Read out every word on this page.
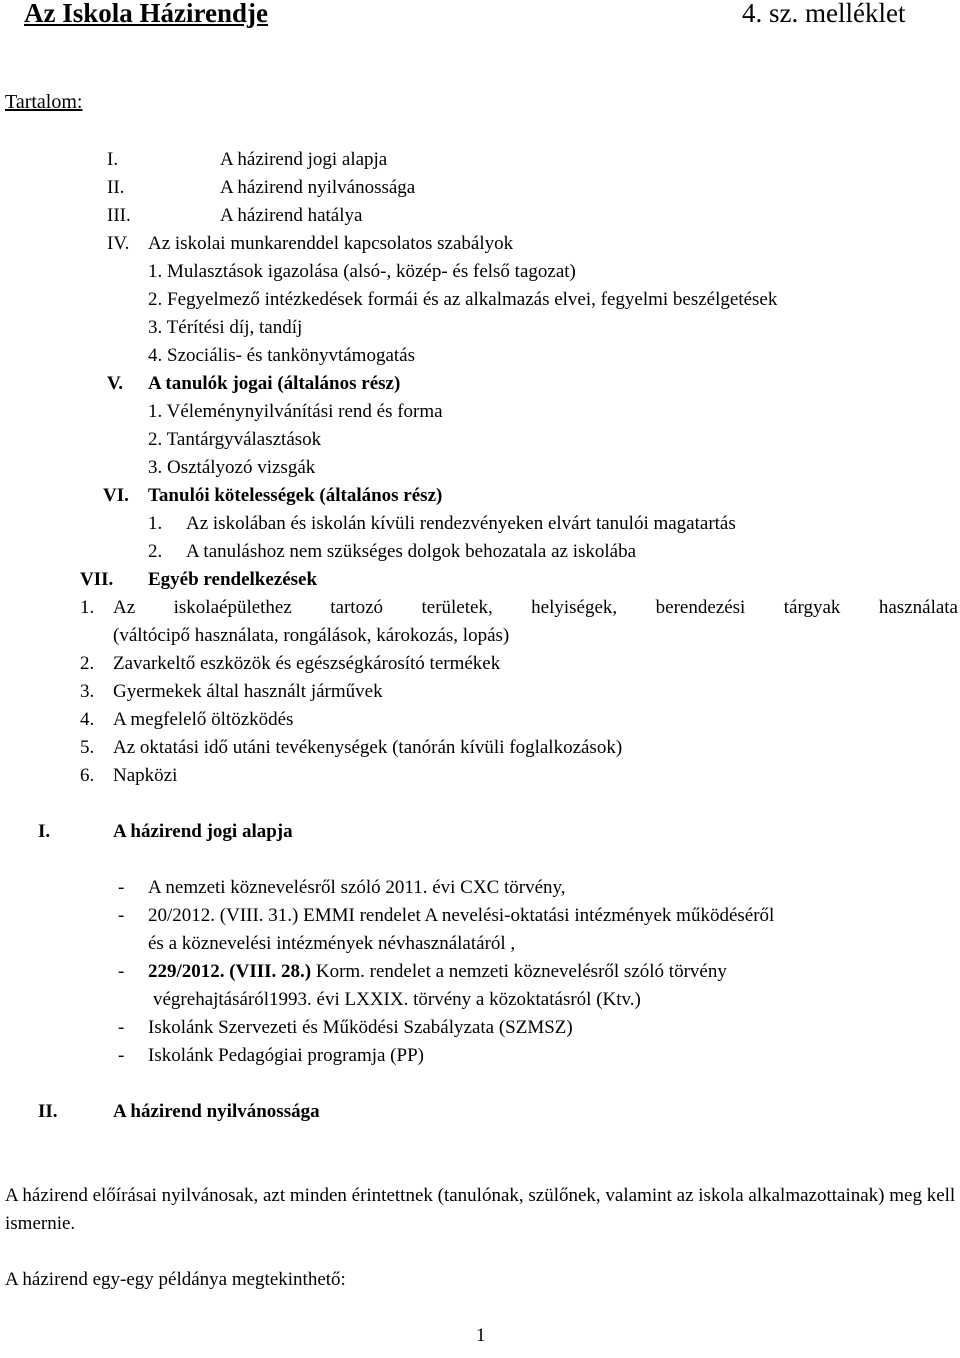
Az Iskola Házirendje	4. sz. melléklet
Tartalom:
I.	A házirend jogi alapja
II.	A házirend nyilvánossága
III.	A házirend hatálya
IV. Az iskolai munkarenddel kapcsolatos szabályok
1. Mulasztások igazolása (alsó-, közép- és felső tagozat)
2. Fegyelmező intézkedések formái és az alkalmazás elvei, fegyelmi beszélgetések
3. Térítési díj, tandíj
4. Szociális- és tankönyvtámogatás
V. A tanulók jogai (általános rész)
1. Véleménynyilvánítási rend és forma
2. Tantárgyválasztások
3. Osztályozó vizsgák
VI. Tanulói kötelességek (általános rész)
1. Az iskolában és iskolán kívüli rendezvényeken elvárt tanulói magatartás
2. A tanuláshoz nem szükséges dolgok behozatala az iskolába
VII. Egyéb rendelkezések
1. Az iskolaépülethez tartozó területek, helyiségek, berendezési tárgyak használata
(váltócipő használata, rongálások, károkozás, lopás)
2. Zavarkeltő eszközök és egészségkárosító termékek
3. Gyermekek által használt járművek
4. A megfelelő öltözködés
5. Az oktatási idő utáni tevékenységek (tanórán kívüli foglalkozások)
6. Napközi
I.	A házirend jogi alapja
- A nemzeti köznevelésről szóló 2011. évi CXC törvény,
- 20/2012. (VIII. 31.) EMMI rendelet A nevelési-oktatási intézmények működéséről
és a köznevelési intézmények névhasználatáról ,
- 229/2012. (VIII. 28.) Korm. rendelet a nemzeti köznevelésről szóló törvény
végrehajtásáról1993. évi LXXIX. törvény a közoktatásról (Ktv.)
- Iskolánk Szervezeti és Működési Szabályzata (SZMSZ)
- Iskolánk Pedagógiai programja (PP)
II.	A házirend nyilvánossága
A házirend előírásai nyilvánosak, azt minden érintettnek (tanulónak, szülőnek, valamint az iskola alkalmazottainak) meg kell ismernie.
A házirend egy-egy példánya megtekinthető:
1
